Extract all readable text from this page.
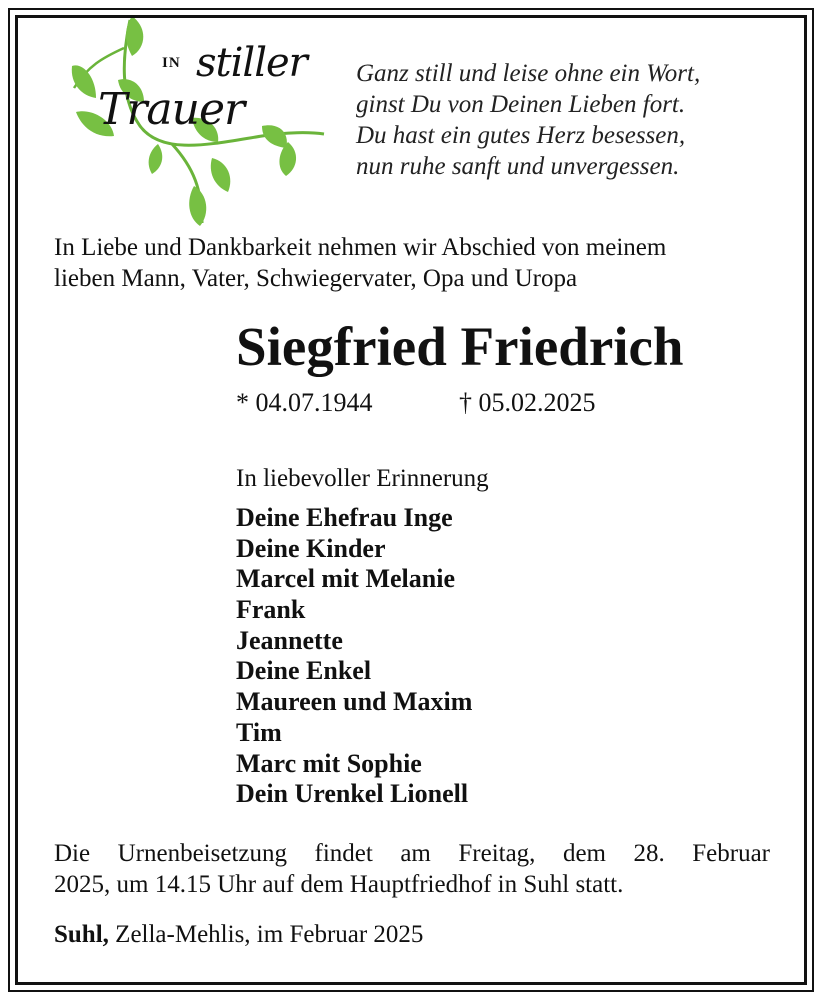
IN stiller
Trauer
Ganz still und leise ohne ein Wort,
ginst Du von Deinen Lieben fort.
Du hast ein gutes Herz besessen,
nun ruhe sanft und unvergessen.
In Liebe und Dankbarkeit nehmen wir Abschied von meinem
lieben Mann, Vater, Schwiegervater, Opa und Uropa
Siegfried Friedrich
* 04.07.1944	† 05.02.2025
In liebevoller Erinnerung
Deine Ehefrau Inge
Deine Kinder
Marcel mit Melanie
Frank
Jeannette
Deine Enkel
Maureen und Maxim
Tim
Marc mit Sophie
Dein Urenkel Lionell
Die Urnenbeisetzung findet am Freitag, dem 28. Februar
2025, um 14.15 Uhr auf dem Hauptfriedhof in Suhl statt.
Suhl, Zella-Mehlis, im Februar 2025
